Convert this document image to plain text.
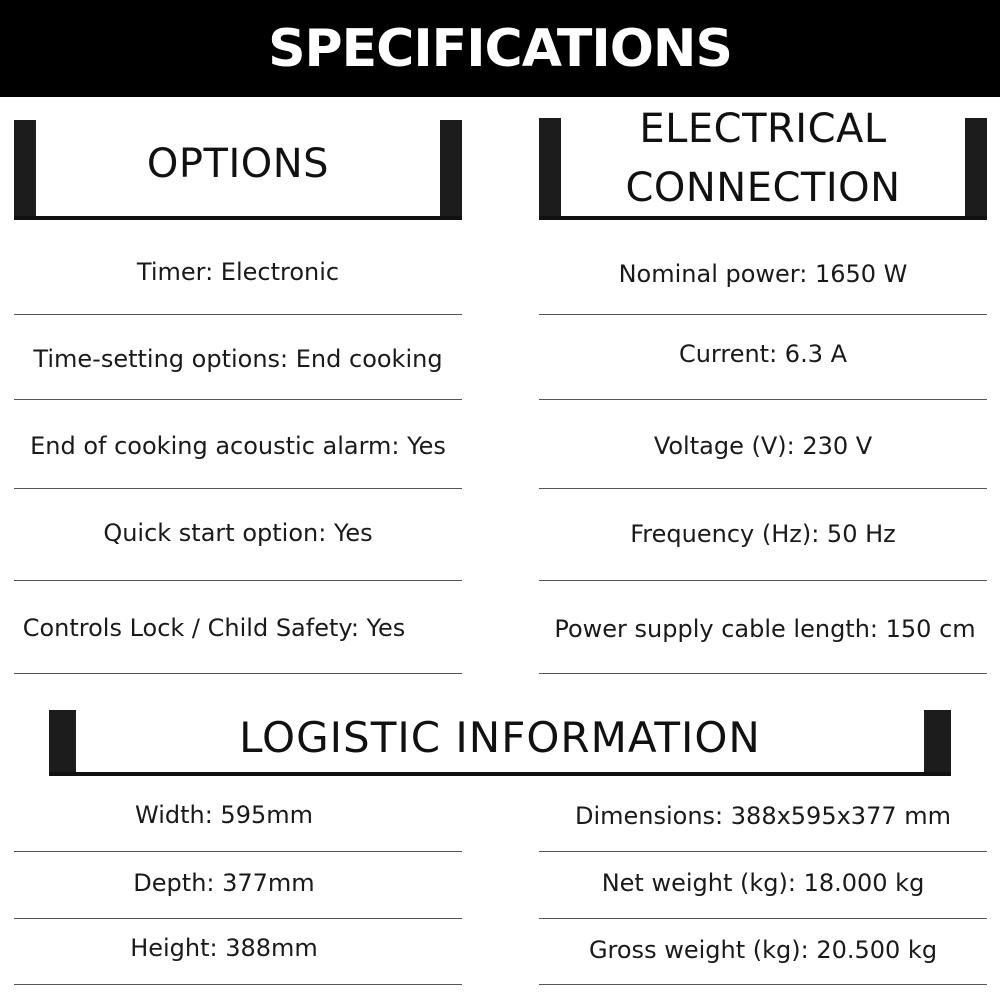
SPECIFICATIONS
OPTIONS
ELECTRICAL
CONNECTION
Timer: Electronic
Time-setting options: End cooking
End of cooking acoustic alarm: Yes
Quick start option: Yes
Controls Lock / Child Safety: Yes
Nominal power: 1650 W
Current: 6.3 A
Voltage (V): 230 V
Frequency (Hz): 50 Hz
Power supply cable length: 150 cm
LOGISTIC INFORMATION
Width: 595mm
Depth: 377mm
Height: 388mm
Dimensions: 388x595x377 mm
Net weight (kg): 18.000 kg
Gross weight (kg): 20.500 kg
